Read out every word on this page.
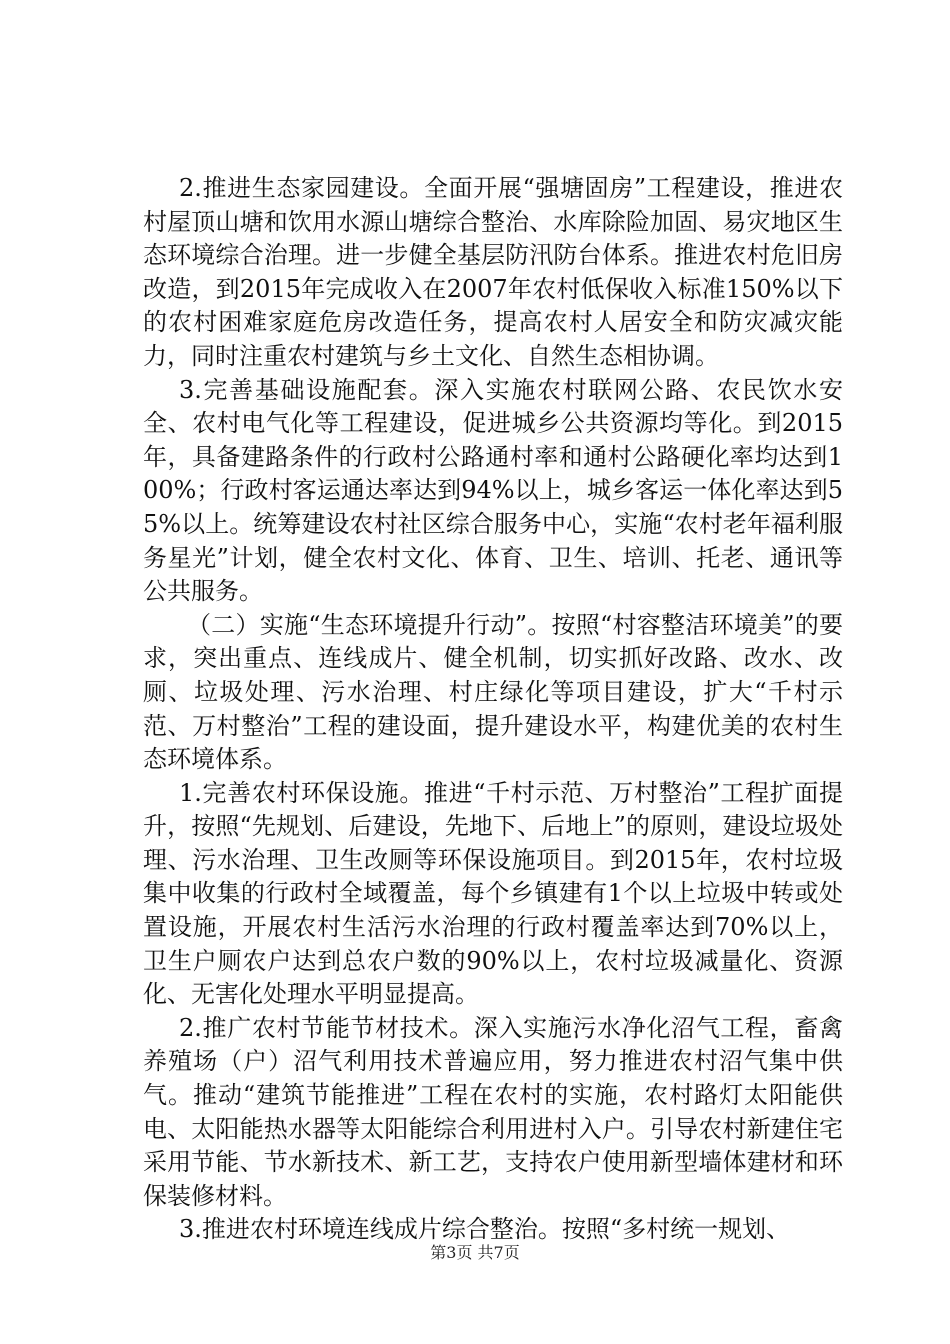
2.推进生态家园建设。全面开展“强塘固房”工程建设，推进农村屋顶山塘和饮用水源山塘综合整治、水库除险加固、易灾地区生态环境综合治理。进一步健全基层防汛防台体系。推进农村危旧房改造，到2015年完成收入在2007年农村低保收入标准150%以下的农村困难家庭危房改造任务，提高农村人居安全和防灾减灾能力，同时注重农村建筑与乡土文化、自然生态相协调。

3.完善基础设施配套。深入实施农村联网公路、农民饮水安全、农村电气化等工程建设，促进城乡公共资源均等化。到2015年，具备建路条件的行政村公路通村率和通村公路硬化率均达到100%；行政村客运通达率达到94%以上，城乡客运一体化率达到55%以上。统筹建设农村社区综合服务中心，实施“农村老年福利服务星光”计划，健全农村文化、体育、卫生、培训、托老、通讯等公共服务。

（二）实施“生态环境提升行动”。按照“村容整洁环境美”的要求，突出重点、连线成片、健全机制，切实抓好改路、改水、改厕、垃圾处理、污水治理、村庄绿化等项目建设，扩大“千村示范、万村整治”工程的建设面，提升建设水平，构建优美的农村生态环境体系。

1.完善农村环保设施。推进“千村示范、万村整治”工程扩面提升，按照“先规划、后建设，先地下、后地上”的原则，建设垃圾处理、污水治理、卫生改厕等环保设施项目。到2015年，农村垃圾集中收集的行政村全域覆盖，每个乡镇建有1个以上垃圾中转或处置设施，开展农村生活污水治理的行政村覆盖率达到70%以上，卫生户厕农户达到总农户数的90%以上，农村垃圾减量化、资源化、无害化处理水平明显提高。

2.推广农村节能节材技术。深入实施污水净化沼气工程，畜禽养殖场（户）沼气利用技术普遍应用，努力推进农村沼气集中供气。推动“建筑节能推进”工程在农村的实施，农村路灯太阳能供电、太阳能热水器等太阳能综合利用进村入户。引导农村新建住宅采用节能、节水新技术、新工艺，支持农户使用新型墙体建材和环保装修材料。

3.推进农村环境连线成片综合整治。按照“多村统一规划、

第3页 共7页
